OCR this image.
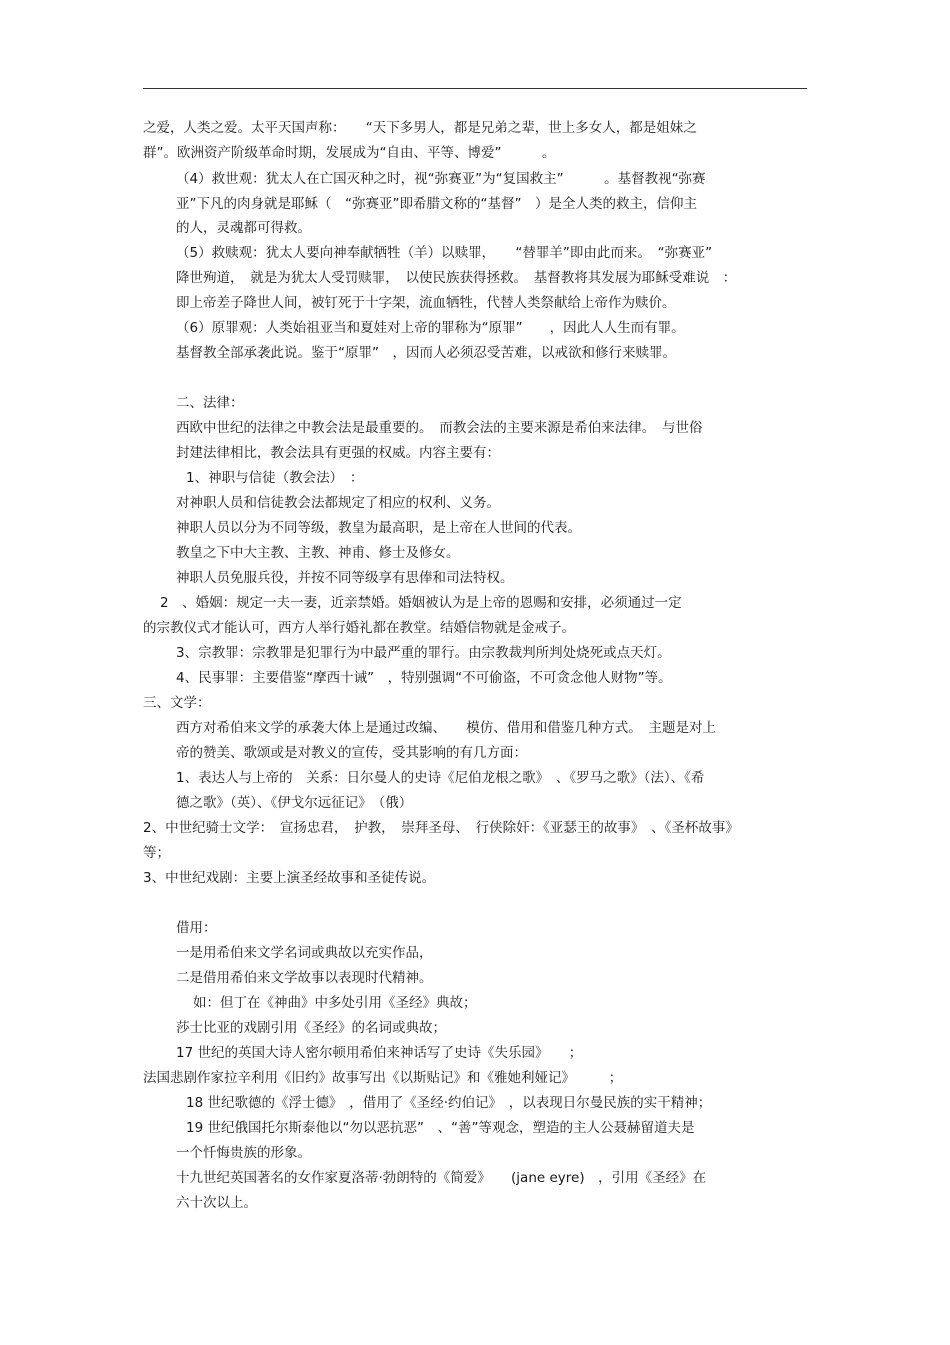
之爱，人类之爱。太平天国声称：　　“天下多男人，都是兄弟之辈，世上多女人，都是姐妹之
群”。欧洲资产阶级革命时期，发展成为“自由、平等、博爱”　　　。
（4）救世观：犹太人在亡国灭种之时，视“弥赛亚”为“复国救主”　　　。基督教视“弥赛
亚”下凡的肉身就是耶稣（　“弥赛亚”即希腊文称的“基督”　）是全人类的救主，信仰主
的人，灵魂都可得救。
（5）救赎观：犹太人要向神奉献牺牲（羊）以赎罪，　　“替罪羊”即由此而来。　“弥赛亚”
降世殉道，　就是为犹太人受罚赎罪，　以使民族获得拯救。　基督教将其发展为耶稣受难说　：
即上帝差子降世人间，被钉死于十字架，流血牺牲，代替人类祭献给上帝作为赎价。
（6）原罪观：人类始祖亚当和夏娃对上帝的罪称为“原罪”　　，因此人人生而有罪。
基督教全部承袭此说。鉴于“原罪”　，因而人必须忍受苦难，以戒欲和修行来赎罪。
二、法律：
西欧中世纪的法律之中教会法是最重要的。　而教会法的主要来源是希伯来法律。　与世俗
封建法律相比，教会法具有更强的权威。内容主要有：
1、神职与信徒（教会法）　：
对神职人员和信徒教会法都规定了相应的权利、义务。
神职人员以分为不同等级，教皇为最高职，是上帝在人世间的代表。
教皇之下中大主教、主教、神甫、修士及修女。
神职人员免服兵役，并按不同等级享有思俸和司法特权。
2　、婚姻：规定一夫一妻，近亲禁婚。婚姻被认为是上帝的恩赐和安排，必须通过一定
的宗教仪式才能认可，西方人举行婚礼都在教堂。结婚信物就是金戒子。
3、宗教罪：宗教罪是犯罪行为中最严重的罪行。由宗教裁判所判处烧死或点天灯。
4、民事罪：主要借鉴“摩西十诫”　，特别强调“不可偷盗，不可贪念他人财物”等。
三、文学：
西方对希伯来文学的承袭大体上是通过改编、　　模仿、借用和借鉴几种方式。　主题是对上
帝的赞美、歌颂或是对教义的宣传，受其影响的有几方面：
1、表达人与上帝的　关系：日尔曼人的史诗《尼伯龙根之歌》　、《罗马之歌》（法）、《希
德之歌》（英）、《伊戈尔远征记》　（俄）
2、中世纪骑士文学：　宣扬忠君，　护教，　崇拜圣母、　行侠除奸：《亚瑟王的故事》　、《圣杯故事》
等；
3、中世纪戏剧：主要上演圣经故事和圣徒传说。
借用：
一是用希伯来文学名词或典故以充实作品，
二是借用希伯来文学故事以表现时代精神。
如：但丁在《神曲》中多处引用《圣经》典故；
莎士比亚的戏剧引用《圣经》的名词或典故；
17 世纪的英国大诗人密尔顿用希伯来神话写了史诗《失乐园》　　；
法国悲剧作家拉辛利用《旧约》故事写出《以斯贴记》和《雅她利娅记》　　　；
18 世纪歌德的《浮士德》　，借用了《圣经·约伯记》　，以表现日尔曼民族的实干精神；
19 世纪俄国托尔斯泰他以“勿以恶抗恶”　、“善”等观念，塑造的主人公聂赫留道夫是
一个忏悔贵族的形象。
十九世纪英国著名的女作家夏洛蒂·勃朗特的《简爱》　　(jane eyre)　，引用《圣经》在
六十次以上。
